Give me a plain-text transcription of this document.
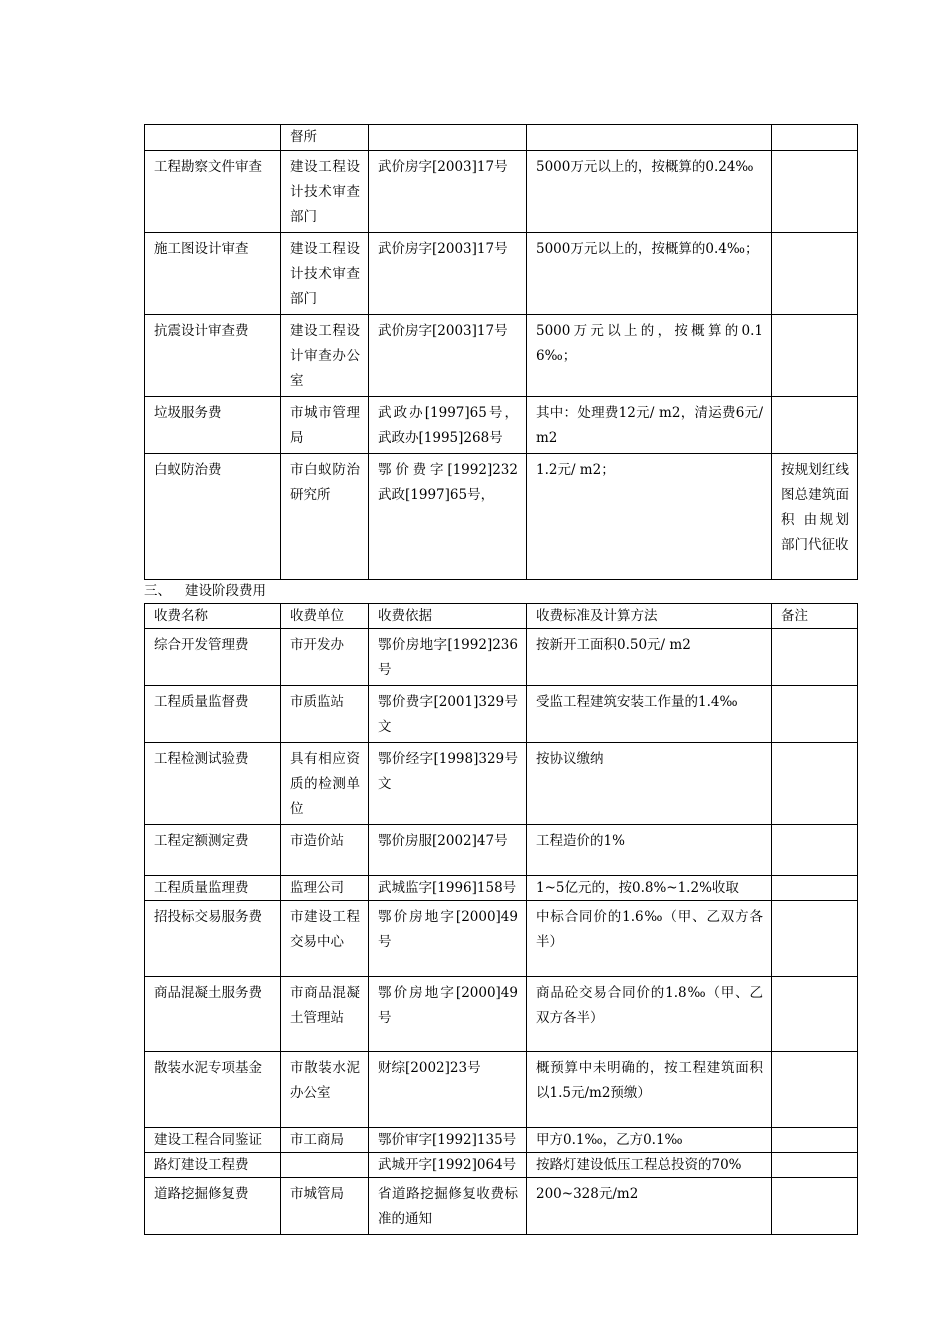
	督所			
工程勘察文件审查	建设工程设计技术审查部门	武价房字[2003]17号	5000万元以上的，按概算的0.24‰	
施工图设计审查	建设工程设计技术审查部门	武价房字[2003]17号	5000万元以上的，按概算的0.4‰；	
抗震设计审查费	建设工程设计审查办公室	武价房字[2003]17号	5000万元以上的，按概算的0.16‰；	
垃圾服务费	市城市管理局	武政办[1997]65号，武政办[1995]268号	其中：处理费12元/ m2，清运费6元/ m2	
白蚁防治费	市白蚁防治研究所	鄂价费字[1992]232 武政[1997]65号，	1.2元/ m2；	按规划红线图总建筑面积 由规划部门代征收
三、 建设阶段费用
收费名称	收费单位	收费依据	收费标准及计算方法	备注
综合开发管理费	市开发办	鄂价房地字[1992]236号	按新开工面积0.50元/ m2	
工程质量监督费	市质监站	鄂价费字[2001]329号文	受监工程建筑安装工作量的1.4‰	
工程检测试验费	具有相应资质的检测单位	鄂价经字[1998]329号文	按协议缴纳	
工程定额测定费	市造价站	鄂价房服[2002]47号	工程造价的1%	
工程质量监理费	监理公司	武城监字[1996]158号	1~5亿元的，按0.8%~1.2%收取	
招投标交易服务费	市建设工程交易中心	鄂价房地字[2000]49号	中标合同价的1.6‰（甲、乙双方各半）	
商品混凝土服务费	市商品混凝土管理站	鄂价房地字[2000]49号	商品砼交易合同价的1.8‰（甲、乙双方各半）	
散装水泥专项基金	市散装水泥办公室	财综[2002]23号	概预算中未明确的，按工程建筑面积以1.5元/m2预缴）	
建设工程合同鉴证	市工商局	鄂价审字[1992]135号	甲方0.1‰，乙方0.1‰	
路灯建设工程费		武城开字[1992]064号	按路灯建设低压工程总投资的70%	
道路挖掘修复费	市城管局	省道路挖掘修复收费标准的通知	200~328元/m2	
